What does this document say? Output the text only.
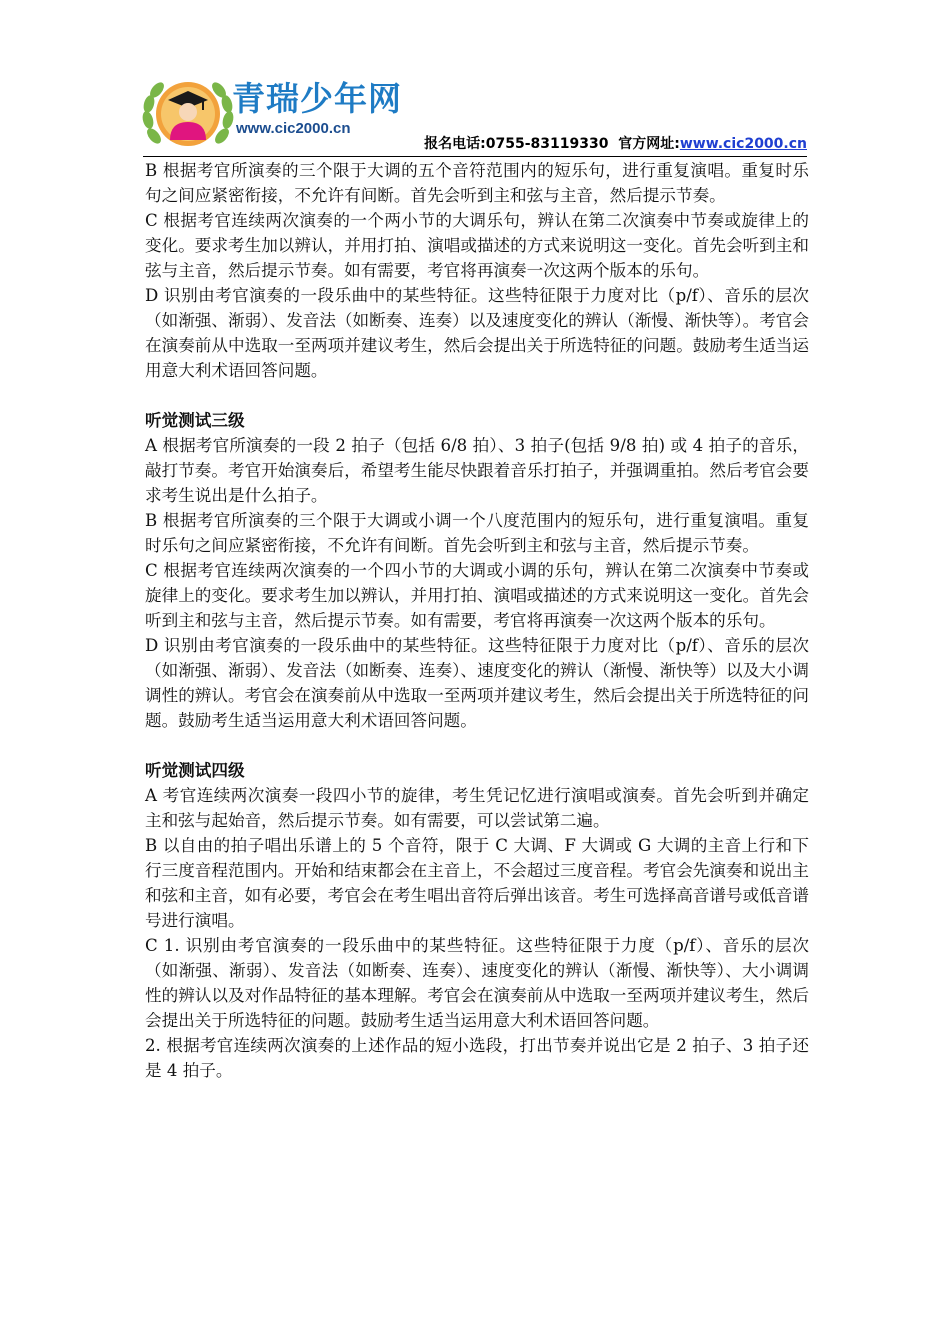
青瑞少年网
www.cic2000.cn
报名电话:0755-83119330 官方网址:www.cic2000.cn

B 根据考官所演奏的三个限于大调的五个音符范围内的短乐句，进行重复演唱。重复时乐句之间应紧密衔接，不允许有间断。首先会听到主和弦与主音，然后提示节奏。

C 根据考官连续两次演奏的一个两小节的大调乐句，辨认在第二次演奏中节奏或旋律上的变化。要求考生加以辨认，并用打拍、演唱或描述的方式来说明这一变化。首先会听到主和弦与主音，然后提示节奏。如有需要，考官将再演奏一次这两个版本的乐句。

D 识别由考官演奏的一段乐曲中的某些特征。这些特征限于力度对比（p/f）、音乐的层次（如渐强、渐弱）、发音法（如断奏、连奏）以及速度变化的辨认（渐慢、渐快等）。考官会在演奏前从中选取一至两项并建议考生，然后会提出关于所选特征的问题。鼓励考生适当运用意大利术语回答问题。

听觉测试三级

A 根据考官所演奏的一段 2 拍子（包括 6/8 拍）、3 拍子(包括 9/8 拍) 或 4 拍子的音乐，敲打节奏。考官开始演奏后，希望考生能尽快跟着音乐打拍子，并强调重拍。然后考官会要求考生说出是什么拍子。

B 根据考官所演奏的三个限于大调或小调一个八度范围内的短乐句，进行重复演唱。重复时乐句之间应紧密衔接，不允许有间断。首先会听到主和弦与主音，然后提示节奏。

C 根据考官连续两次演奏的一个四小节的大调或小调的乐句，辨认在第二次演奏中节奏或旋律上的变化。要求考生加以辨认，并用打拍、演唱或描述的方式来说明这一变化。首先会听到主和弦与主音，然后提示节奏。如有需要，考官将再演奏一次这两个版本的乐句。

D 识别由考官演奏的一段乐曲中的某些特征。这些特征限于力度对比（p/f）、音乐的层次（如渐强、渐弱）、发音法（如断奏、连奏）、速度变化的辨认（渐慢、渐快等）以及大小调调性的辨认。考官会在演奏前从中选取一至两项并建议考生，然后会提出关于所选特征的问题。鼓励考生适当运用意大利术语回答问题。

听觉测试四级

A 考官连续两次演奏一段四小节的旋律，考生凭记忆进行演唱或演奏。首先会听到并确定主和弦与起始音，然后提示节奏。如有需要，可以尝试第二遍。

B 以自由的拍子唱出乐谱上的 5 个音符，限于 C 大调、F 大调或 G 大调的主音上行和下行三度音程范围内。开始和结束都会在主音上，不会超过三度音程。考官会先演奏和说出主和弦和主音，如有必要，考官会在考生唱出音符后弹出该音。考生可选择高音谱号或低音谱号进行演唱。

C 1. 识别由考官演奏的一段乐曲中的某些特征。这些特征限于力度（p/f）、音乐的层次（如渐强、渐弱）、发音法（如断奏、连奏）、速度变化的辨认（渐慢、渐快等）、大小调调性的辨认以及对作品特征的基本理解。考官会在演奏前从中选取一至两项并建议考生，然后会提出关于所选特征的问题。鼓励考生适当运用意大利术语回答问题。

2. 根据考官连续两次演奏的上述作品的短小选段，打出节奏并说出它是 2 拍子、3 拍子还是 4 拍子。
